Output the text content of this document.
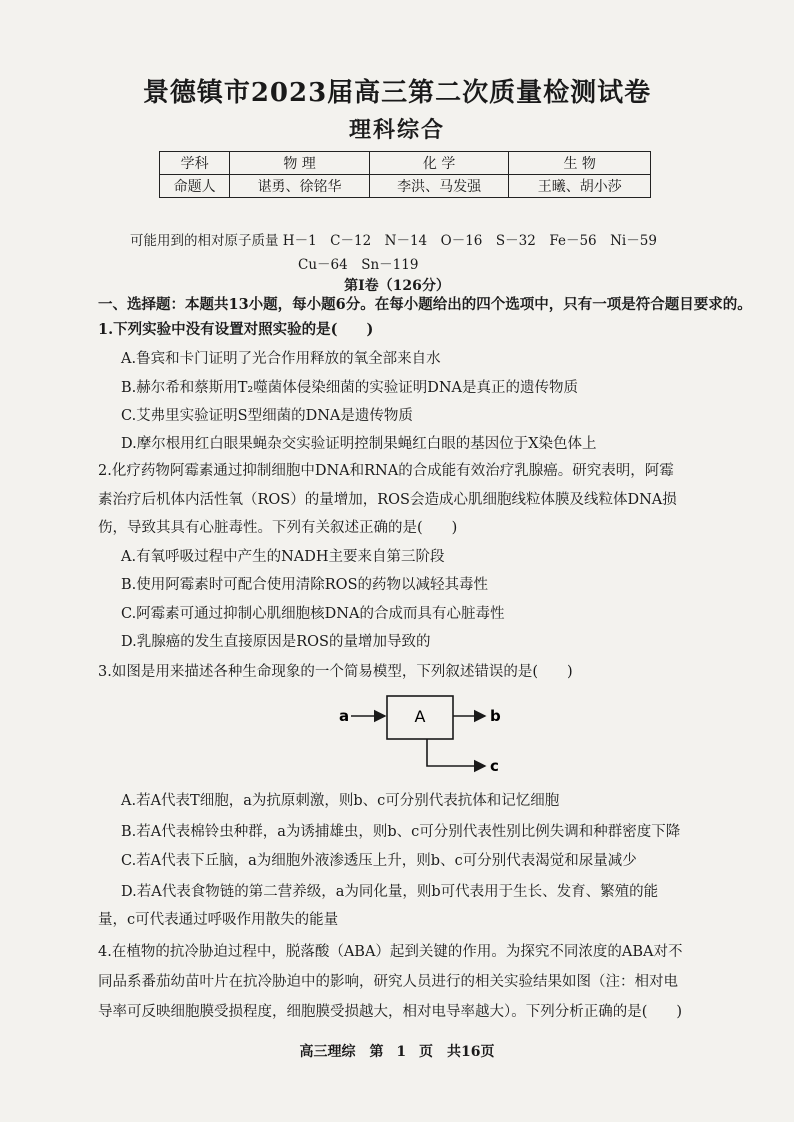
景德镇市2023届高三第二次质量检测试卷
理科综合
学科	物 理	化 学	生 物
命题人	谌勇、徐铭华	李洪、马发强	王曦、胡小莎
可能用到的相对原子质量 H－1　C－12　N－14　O－16　S－32　Fe－56　Ni－59
Cu－64　Sn－119
第Ⅰ卷（126分）
一、选择题：本题共13小题，每小题6分。在每小题给出的四个选项中，只有一项是符合题目要求的。
1.下列实验中没有设置对照实验的是(　　)
A.鲁宾和卡门证明了光合作用释放的氧全部来自水
B.赫尔希和蔡斯用T₂噬菌体侵染细菌的实验证明DNA是真正的遗传物质
C.艾弗里实验证明S型细菌的DNA是遗传物质
D.摩尔根用红白眼果蝇杂交实验证明控制果蝇红白眼的基因位于X染色体上
2.化疗药物阿霉素通过抑制细胞中DNA和RNA的合成能有效治疗乳腺癌。研究表明，阿霉
素治疗后机体内活性氧（ROS）的量增加，ROS会造成心肌细胞线粒体膜及线粒体DNA损
伤，导致其具有心脏毒性。下列有关叙述正确的是(　　)
A.有氧呼吸过程中产生的NADH主要来自第三阶段
B.使用阿霉素时可配合使用清除ROS的药物以减轻其毒性
C.阿霉素可通过抑制心肌细胞核DNA的合成而具有心脏毒性
D.乳腺癌的发生直接原因是ROS的量增加导致的
3.如图是用来描述各种生命现象的一个简易模型，下列叙述错误的是(　　)
a	A	b
c
A.若A代表T细胞，a为抗原刺激，则b、c可分别代表抗体和记忆细胞
B.若A代表棉铃虫种群，a为诱捕雄虫，则b、c可分别代表性别比例失调和种群密度下降
C.若A代表下丘脑，a为细胞外液渗透压上升，则b、c可分别代表渴觉和尿量减少
D.若A代表食物链的第二营养级，a为同化量，则b可代表用于生长、发育、繁殖的能
量，c可代表通过呼吸作用散失的能量
4.在植物的抗冷胁迫过程中，脱落酸（ABA）起到关键的作用。为探究不同浓度的ABA对不
同品系番茄幼苗叶片在抗冷胁迫中的影响，研究人员进行的相关实验结果如图（注：相对电
导率可反映细胞膜受损程度，细胞膜受损越大，相对电导率越大）。下列分析正确的是(　　)
高三理综　第 1 页　共16页
